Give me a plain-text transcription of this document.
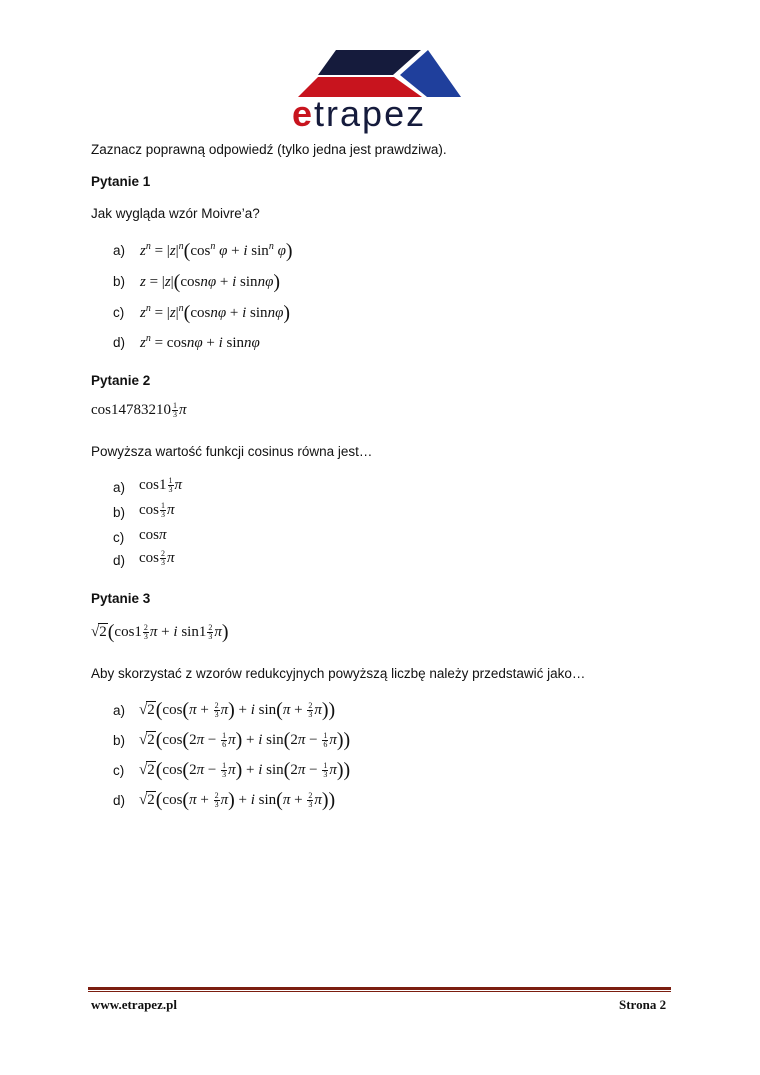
etrapez
Zaznacz poprawną odpowiedź (tylko jedna jest prawdziwa).
Pytanie 1
Jak wygląda wzór Moivre’a?
a) $z^n = |z|^n(\cos^n$ φ + i $\sin^n \varphi$)
b) z = |z|(cosnφ + i sinnφ)
c) $z^n = |z|^n(\cos n\varphi + i$ sinnφ)
d) $z^n = \cos n\varphi + i$ sinnφ
Pytanie 2
$\cos 14783210 \frac{1}{3}$ π
Powyższa wartość funkcji cosinus równa jest…
a) $\cos 1 \frac{1}{3}$ π
b) $\cos \frac{1}{3}$ π
c) cosπ
d) $\cos \frac{2}{3}$ π
Pytanie 3
$√2(\cos 1 \frac{2}{3}$ π + i $\sin 1 \frac{2}{3} \pi$)
Aby skorzystać z wzorów redukcyjnych powyższą liczbę należy przedstawić jako…
a) $√2(\cos(\pi + \frac{2}{3} \pi) + i$ $\sin(\pi + \frac{2}{3} \pi)$)
b) $√2(\cos(2\pi - \frac{1}{6} \pi) + i$ $\sin(2\pi - \frac{1}{6} \pi)$)
c) $√2(\cos(2\pi - \frac{1}{3} \pi) + i$ $\sin(2\pi - \frac{1}{3} \pi)$)
d) $√2(\cos(\pi + \frac{2}{3} \pi) + i$ $\sin(\pi + \frac{2}{3} \pi)$)
www.etrapez.pl	Strona 2
